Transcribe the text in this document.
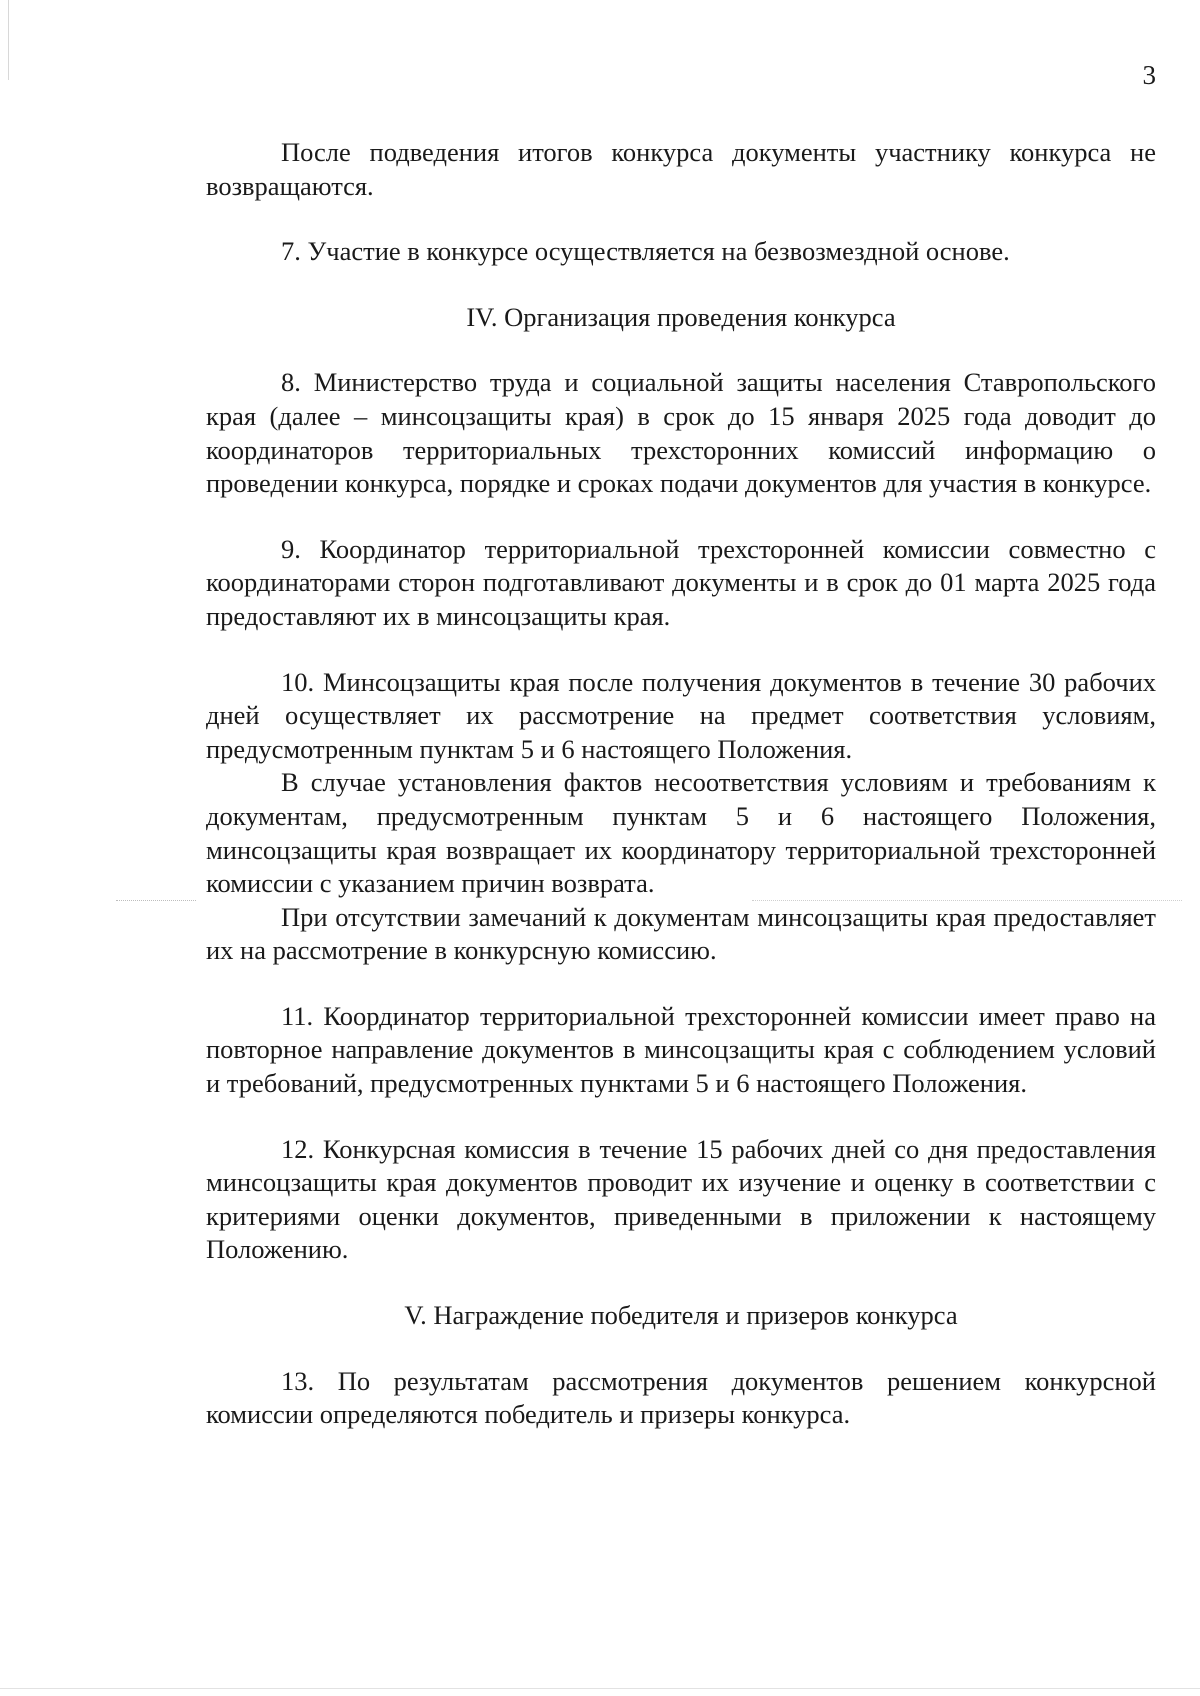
3

После подведения итогов конкурса документы участнику конкурса не возвращаются.

7. Участие в конкурсе осуществляется на безвозмездной основе.

IV. Организация проведения конкурса

8. Министерство труда и социальной защиты населения Ставропольского края (далее – минсоцзащиты края) в срок до 15 января 2025 года доводит до координаторов территориальных трехсторонних комиссий информацию о проведении конкурса, порядке и сроках подачи документов для участия в конкурсе.

9. Координатор территориальной трехсторонней комиссии совместно с координаторами сторон подготавливают документы и в срок до 01 марта 2025 года предоставляют их в минсоцзащиты края.

10. Минсоцзащиты края после получения документов в течение 30 рабочих дней осуществляет их рассмотрение на предмет соответствия условиям, предусмотренным пунктам 5 и 6 настоящего Положения.

В случае установления фактов несоответствия условиям и требованиям к документам, предусмотренным пунктам 5 и 6 настоящего Положения, минсоцзащиты края возвращает их координатору территориальной трехсторонней комиссии с указанием причин возврата.

При отсутствии замечаний к документам минсоцзащиты края предоставляет их на рассмотрение в конкурсную комиссию.

11. Координатор территориальной трехсторонней комиссии имеет право на повторное направление документов в минсоцзащиты края с соблюдением условий и требований, предусмотренных пунктами 5 и 6 настоящего Положения.

12. Конкурсная комиссия в течение 15 рабочих дней со дня предоставления минсоцзащиты края документов проводит их изучение и оценку в соответствии с критериями оценки документов, приведенными в приложении к настоящему Положению.

V. Награждение победителя и призеров конкурса

13. По результатам рассмотрения документов решением конкурсной комиссии определяются победитель и призеры конкурса.
